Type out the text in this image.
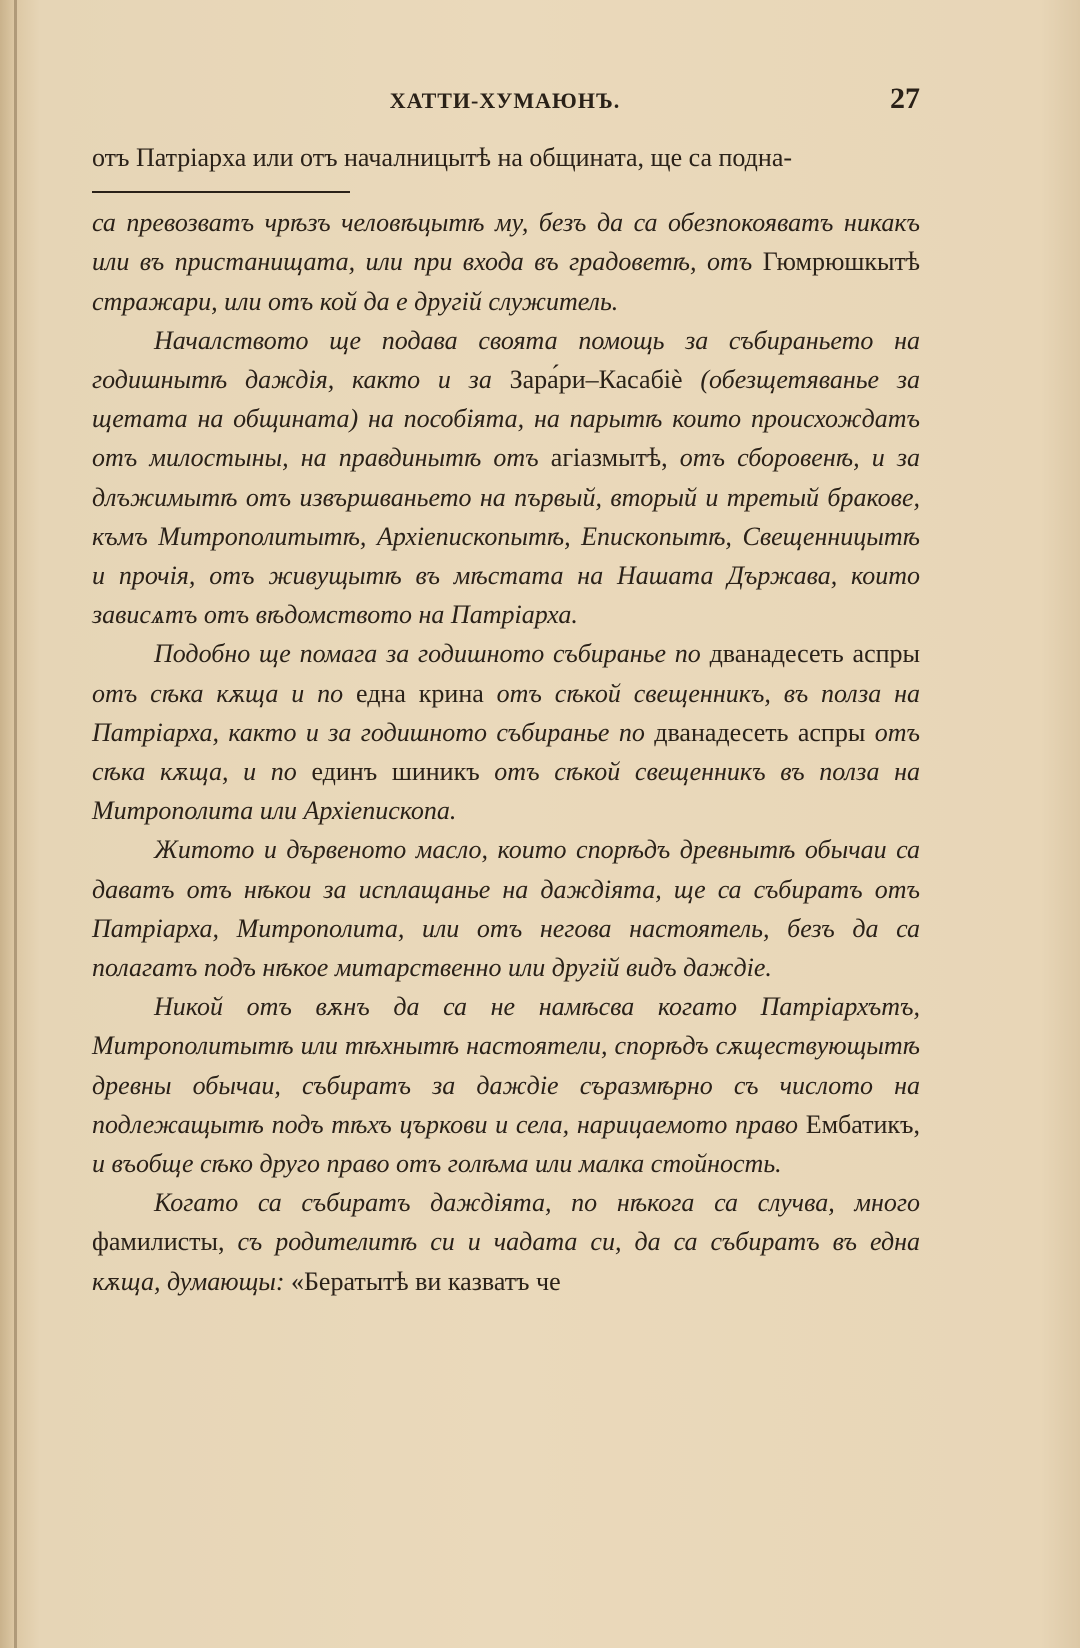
ХАТТИ-ХУМАЮНЪ.	27

отъ Патріарха или отъ началницытѣ на общината, ще са подна-

са превозватъ чрѣзъ человѣцытѣ му, безъ да са обезпокояватъ никакъ или въ пристанищата, или при входа въ градоветѣ, отъ Гюмрюшкытѣ стражари, или отъ кой да е другій служитель.

Началството ще подава своята помощь за събираньето на годишнытѣ даждія, както и за Зара́ри–Касабіѐ (обезщетяванье за щетата на общината) на пособіята, на парытѣ които происхождатъ отъ милостыны, на правдинытѣ отъ агіазмытѣ, отъ сборовенѣ, и за длъжимытѣ отъ извършваньето на първый, вторый и третый бракове, къмъ Митрополитытѣ, Архіепископытѣ, Епископытѣ, Свещенницытѣ и прочія, отъ живущытѣ въ мѣстата на Нашата Държава, които зависѧтъ отъ вѣдомството на Патріарха.

Подобно ще помага за годишното събиранье по дванадесеть аспры отъ сѣка кѫща и по една крина отъ сѣкой свещенникъ, въ полза на Патріарха, както и за годишното събиранье по дванадесеть аспры отъ сѣка кѫща, и по единъ шиникъ отъ сѣкой свещенникъ въ полза на Митрополита или Архіепископа.

Житото и дървеното масло, които спорѣдъ древнытѣ обычаи са даватъ отъ нѣкои за исплащанье на даждіята, ще са събиратъ отъ Патріарха, Митрополита, или отъ негова настоятель, безъ да са полагатъ подъ нѣкое митарственно или другій видъ даждіе.

Никой отъ вѫнъ да са не намѣсва когато Патріархътъ, Митрополитытѣ или тѣхнытѣ настоятели, спорѣдъ сѫществующытѣ древны обычаи, събиратъ за даждіе съразмѣрно съ числото на подлежащытѣ подъ тѣхъ църкови и села, нарицаемото право Ембатикъ, и въобще сѣко друго право отъ голѣма или малка стойность.

Когато са събиратъ даждіята, по нѣкога са случва, много фамилисты, съ родителитѣ си и чадата си, да са събиратъ въ една кѫща, думающы: «Бератытѣ ви казватъ че
